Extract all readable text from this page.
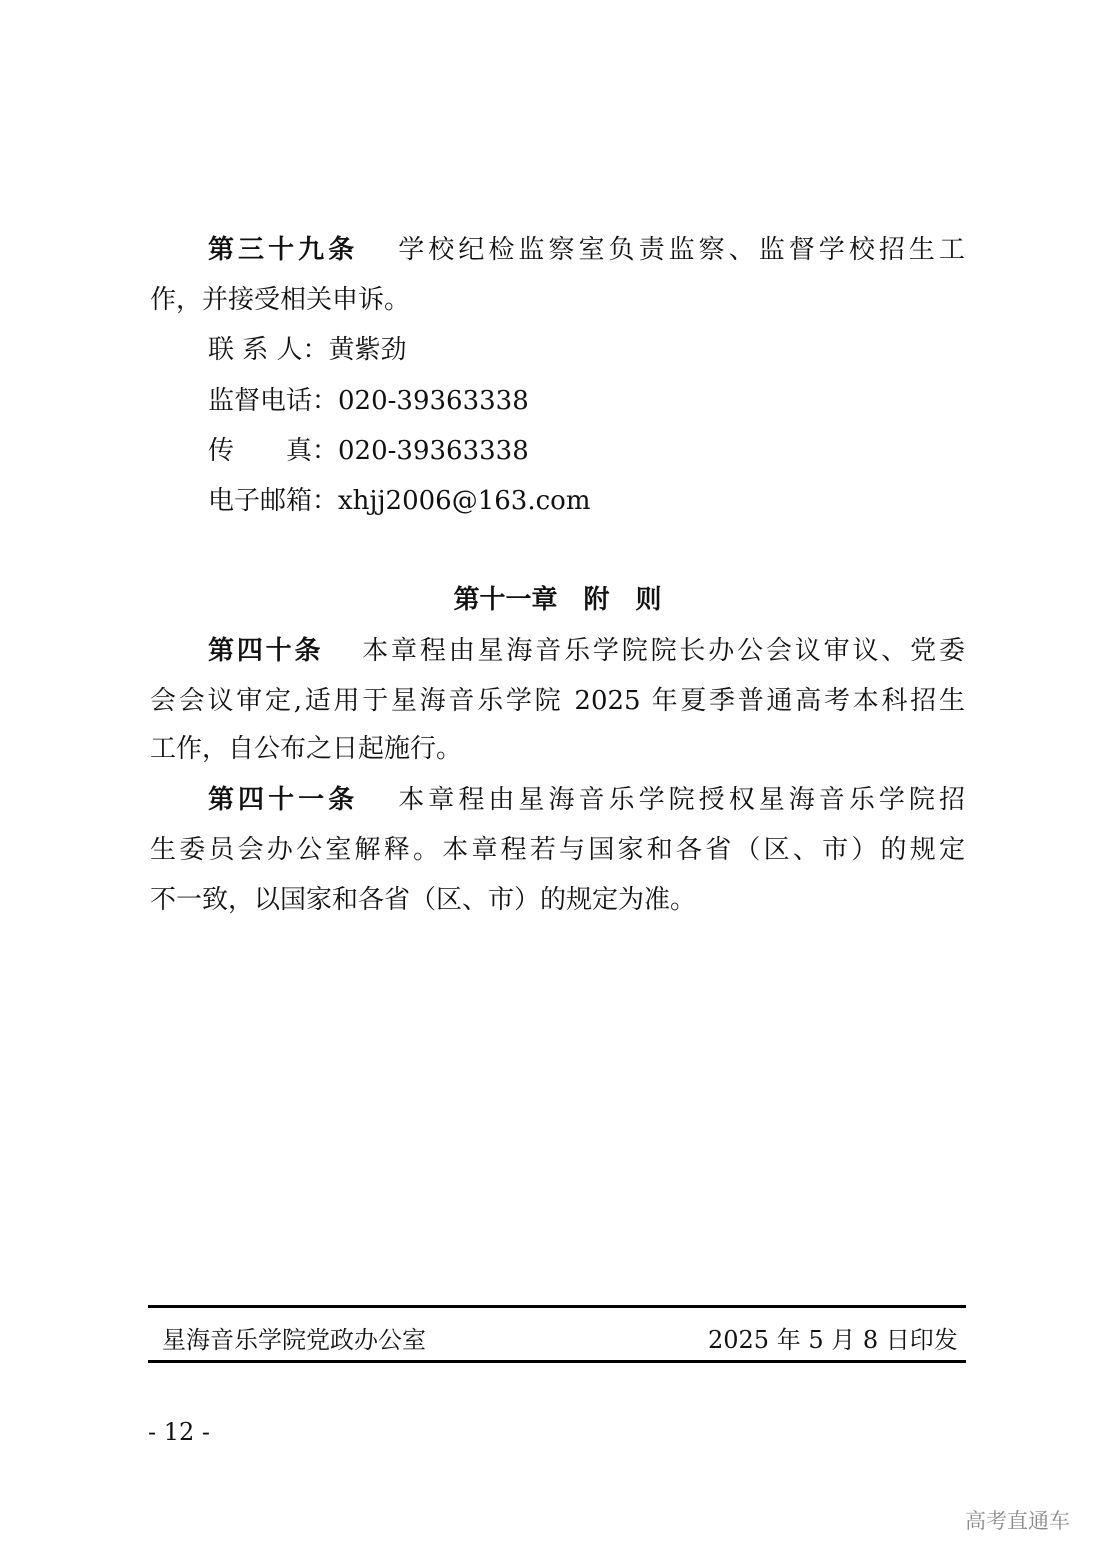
第三十九条 学校纪检监察室负责监察、监督学校招生工
作，并接受相关申诉。
联 系 人：黄紫劲
监督电话：020-39363338
传　　真：020-39363338
电子邮箱：xhjj2006@163.com
第十一章　附　则
第四十条 本章程由星海音乐学院院长办公会议审议、党委
会会议审定,适用于星海音乐学院 2025 年夏季普通高考本科招生
工作，自公布之日起施行。
第四十一条 本章程由星海音乐学院授权星海音乐学院招
生委员会办公室解释。本章程若与国家和各省（区、市）的规定
不一致，以国家和各省（区、市）的规定为准。
星海音乐学院党政办公室	2025 年 5 月 8 日印发
- 12 -
高考直通车
